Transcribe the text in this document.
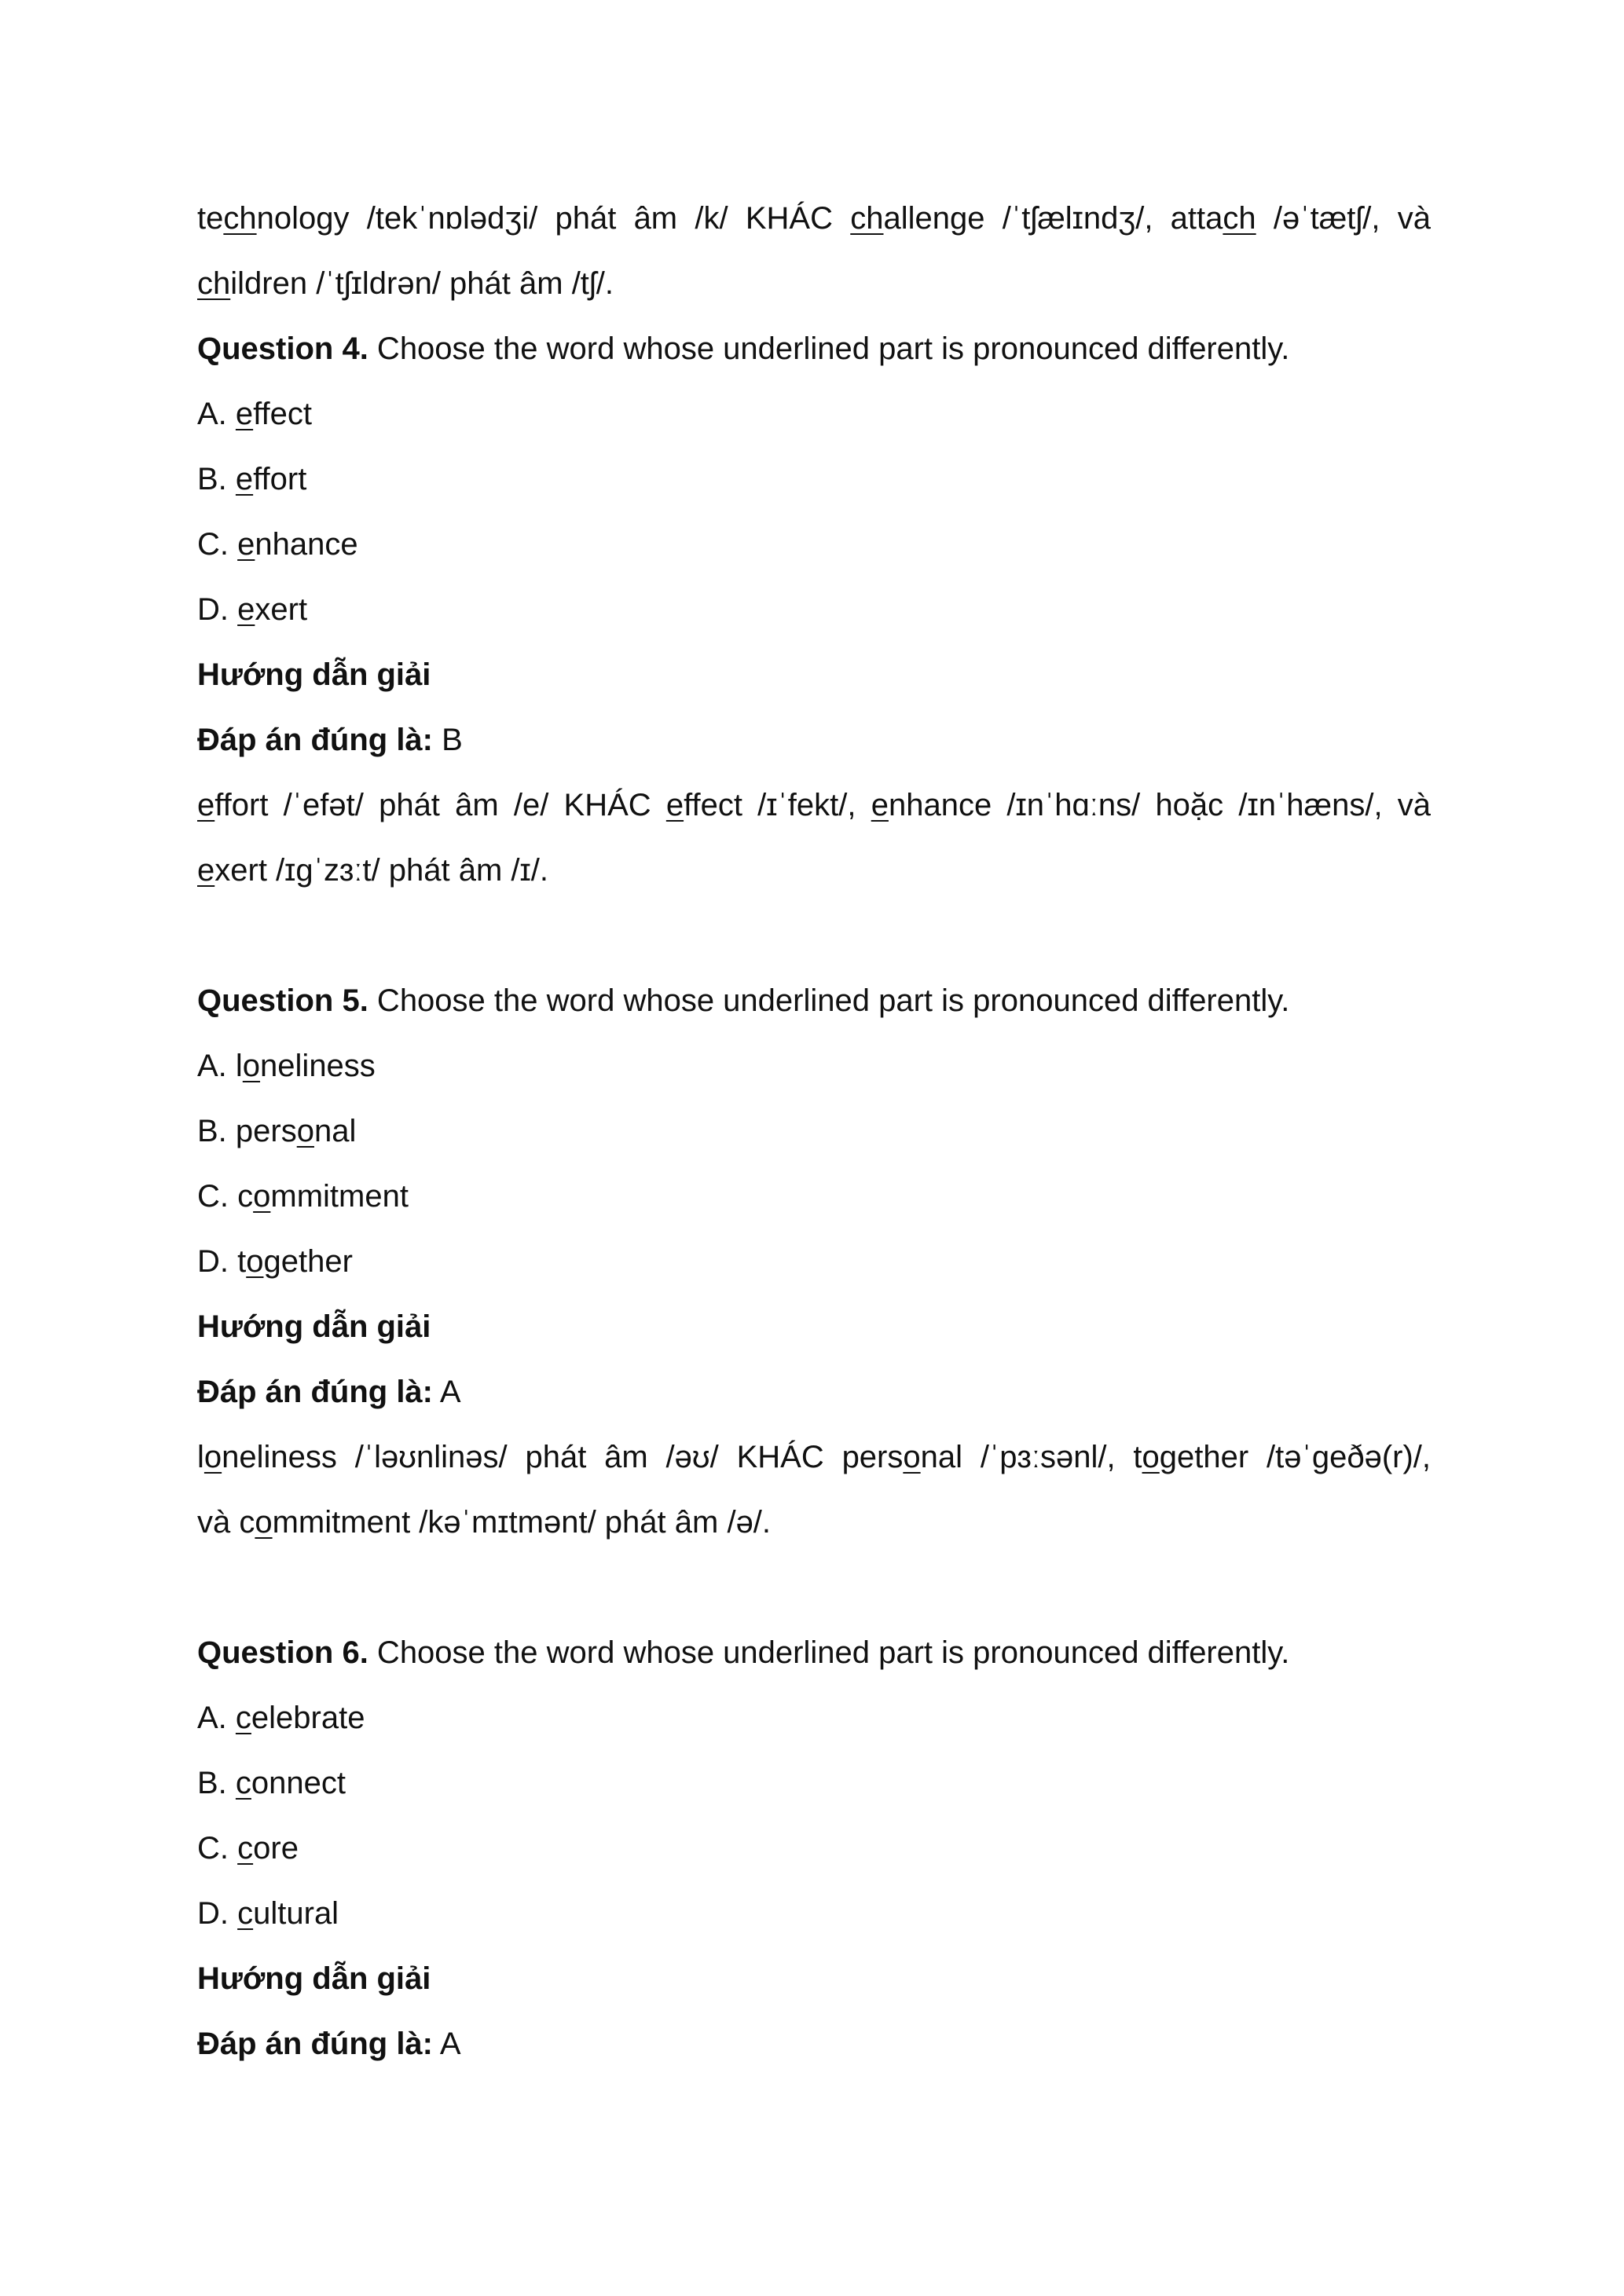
technology /tekˈnɒlədʒi/ phát âm /k/ KHÁC challenge /ˈtʃælɪndʒ/, attach /əˈtætʃ/, và
children /ˈtʃɪldrən/ phát âm /tʃ/.
Question 4. Choose the word whose underlined part is pronounced differently.
A. effect
B. effort
C. enhance
D. exert
Hướng dẫn giải
Đáp án đúng là: B
effort /ˈefət/ phát âm /e/ KHÁC effect /ɪˈfekt/, enhance /ɪnˈhɑːns/ hoặc /ɪnˈhæns/, và
exert /ɪɡˈzɜːt/ phát âm /ɪ/.
Question 5. Choose the word whose underlined part is pronounced differently.
A. loneliness
B. personal
C. commitment
D. together
Hướng dẫn giải
Đáp án đúng là: A
loneliness /ˈləʊnlinəs/ phát âm /əʊ/ KHÁC personal /ˈpɜːsənl/, together /təˈɡeðə(r)/,
và commitment /kəˈmɪtmənt/ phát âm /ə/.
Question 6. Choose the word whose underlined part is pronounced differently.
A. celebrate
B. connect
C. core
D. cultural
Hướng dẫn giải
Đáp án đúng là: A
